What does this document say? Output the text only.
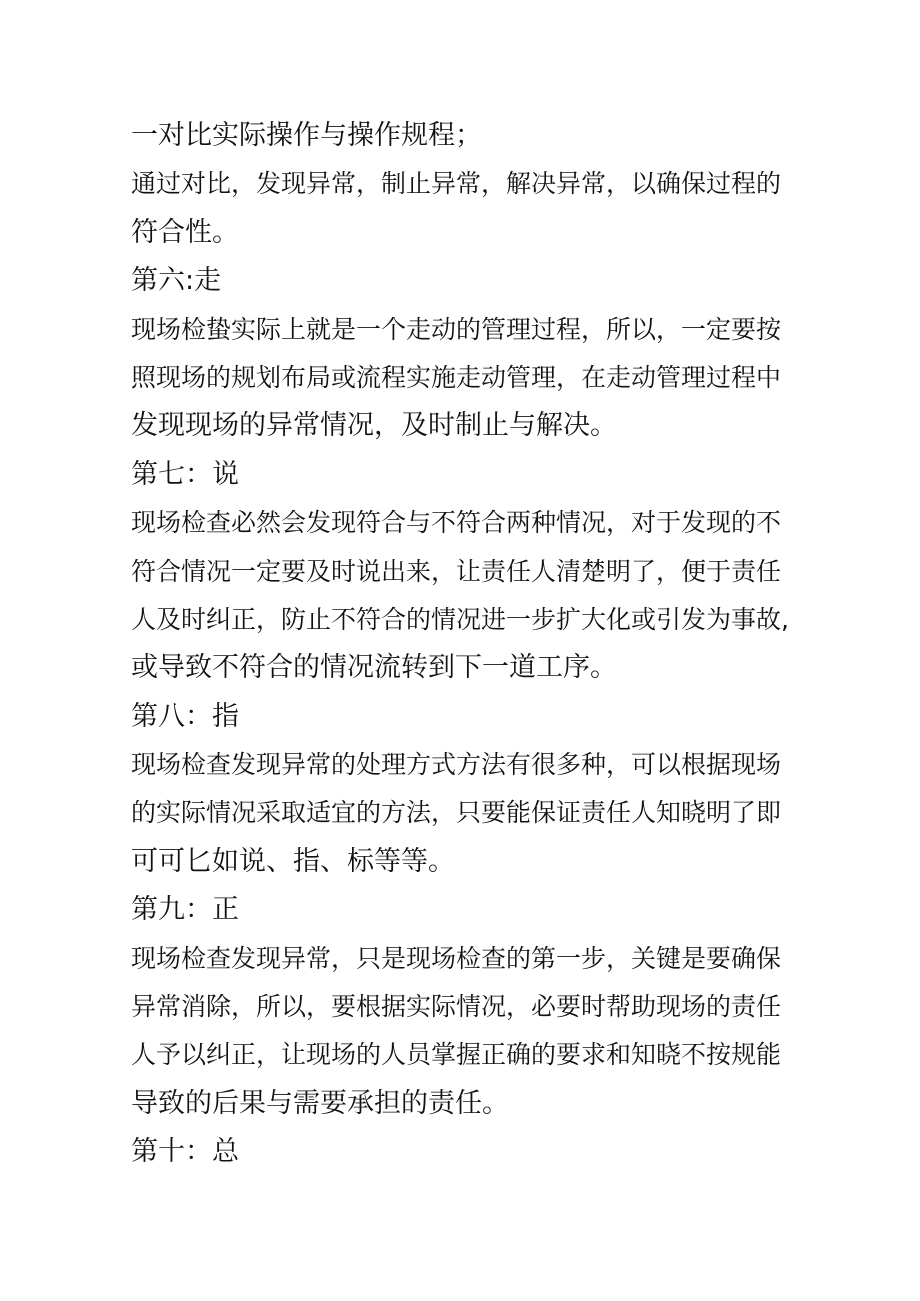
一对比实际操作与操作规程；
通过对比，发现异常，制止异常，解决异常，以确保过程的
符合性。
第六:走
现场检蛰实际上就是一个走动的管理过程，所以，一定要按
照现场的规划布局或流程实施走动管理，在走动管理过程中
发现现场的异常情况，及时制止与解决。
第七：说
现场检查必然会发现符合与不符合两种情况，对于发现的不
符合情况一定要及时说出来，让责任人清楚明了，便于责任
人及时纠正，防止不符合的情况进一步扩大化或引发为事故,
或导致不符合的情况流转到下一道工序。
第八：指
现场检查发现异常的处理方式方法有很多种，可以根据现场
的实际情况采取适宜的方法，只要能保证责任人知晓明了即
可可匕如说、指、标等等。
第九：正
现场检查发现异常，只是现场检查的第一步，关键是要确保
异常消除，所以，要根据实际情况，必要时帮助现场的责任
人予以纠正，让现场的人员掌握正确的要求和知晓不按规能
导致的后果与需要承担的责任。
第十：总
